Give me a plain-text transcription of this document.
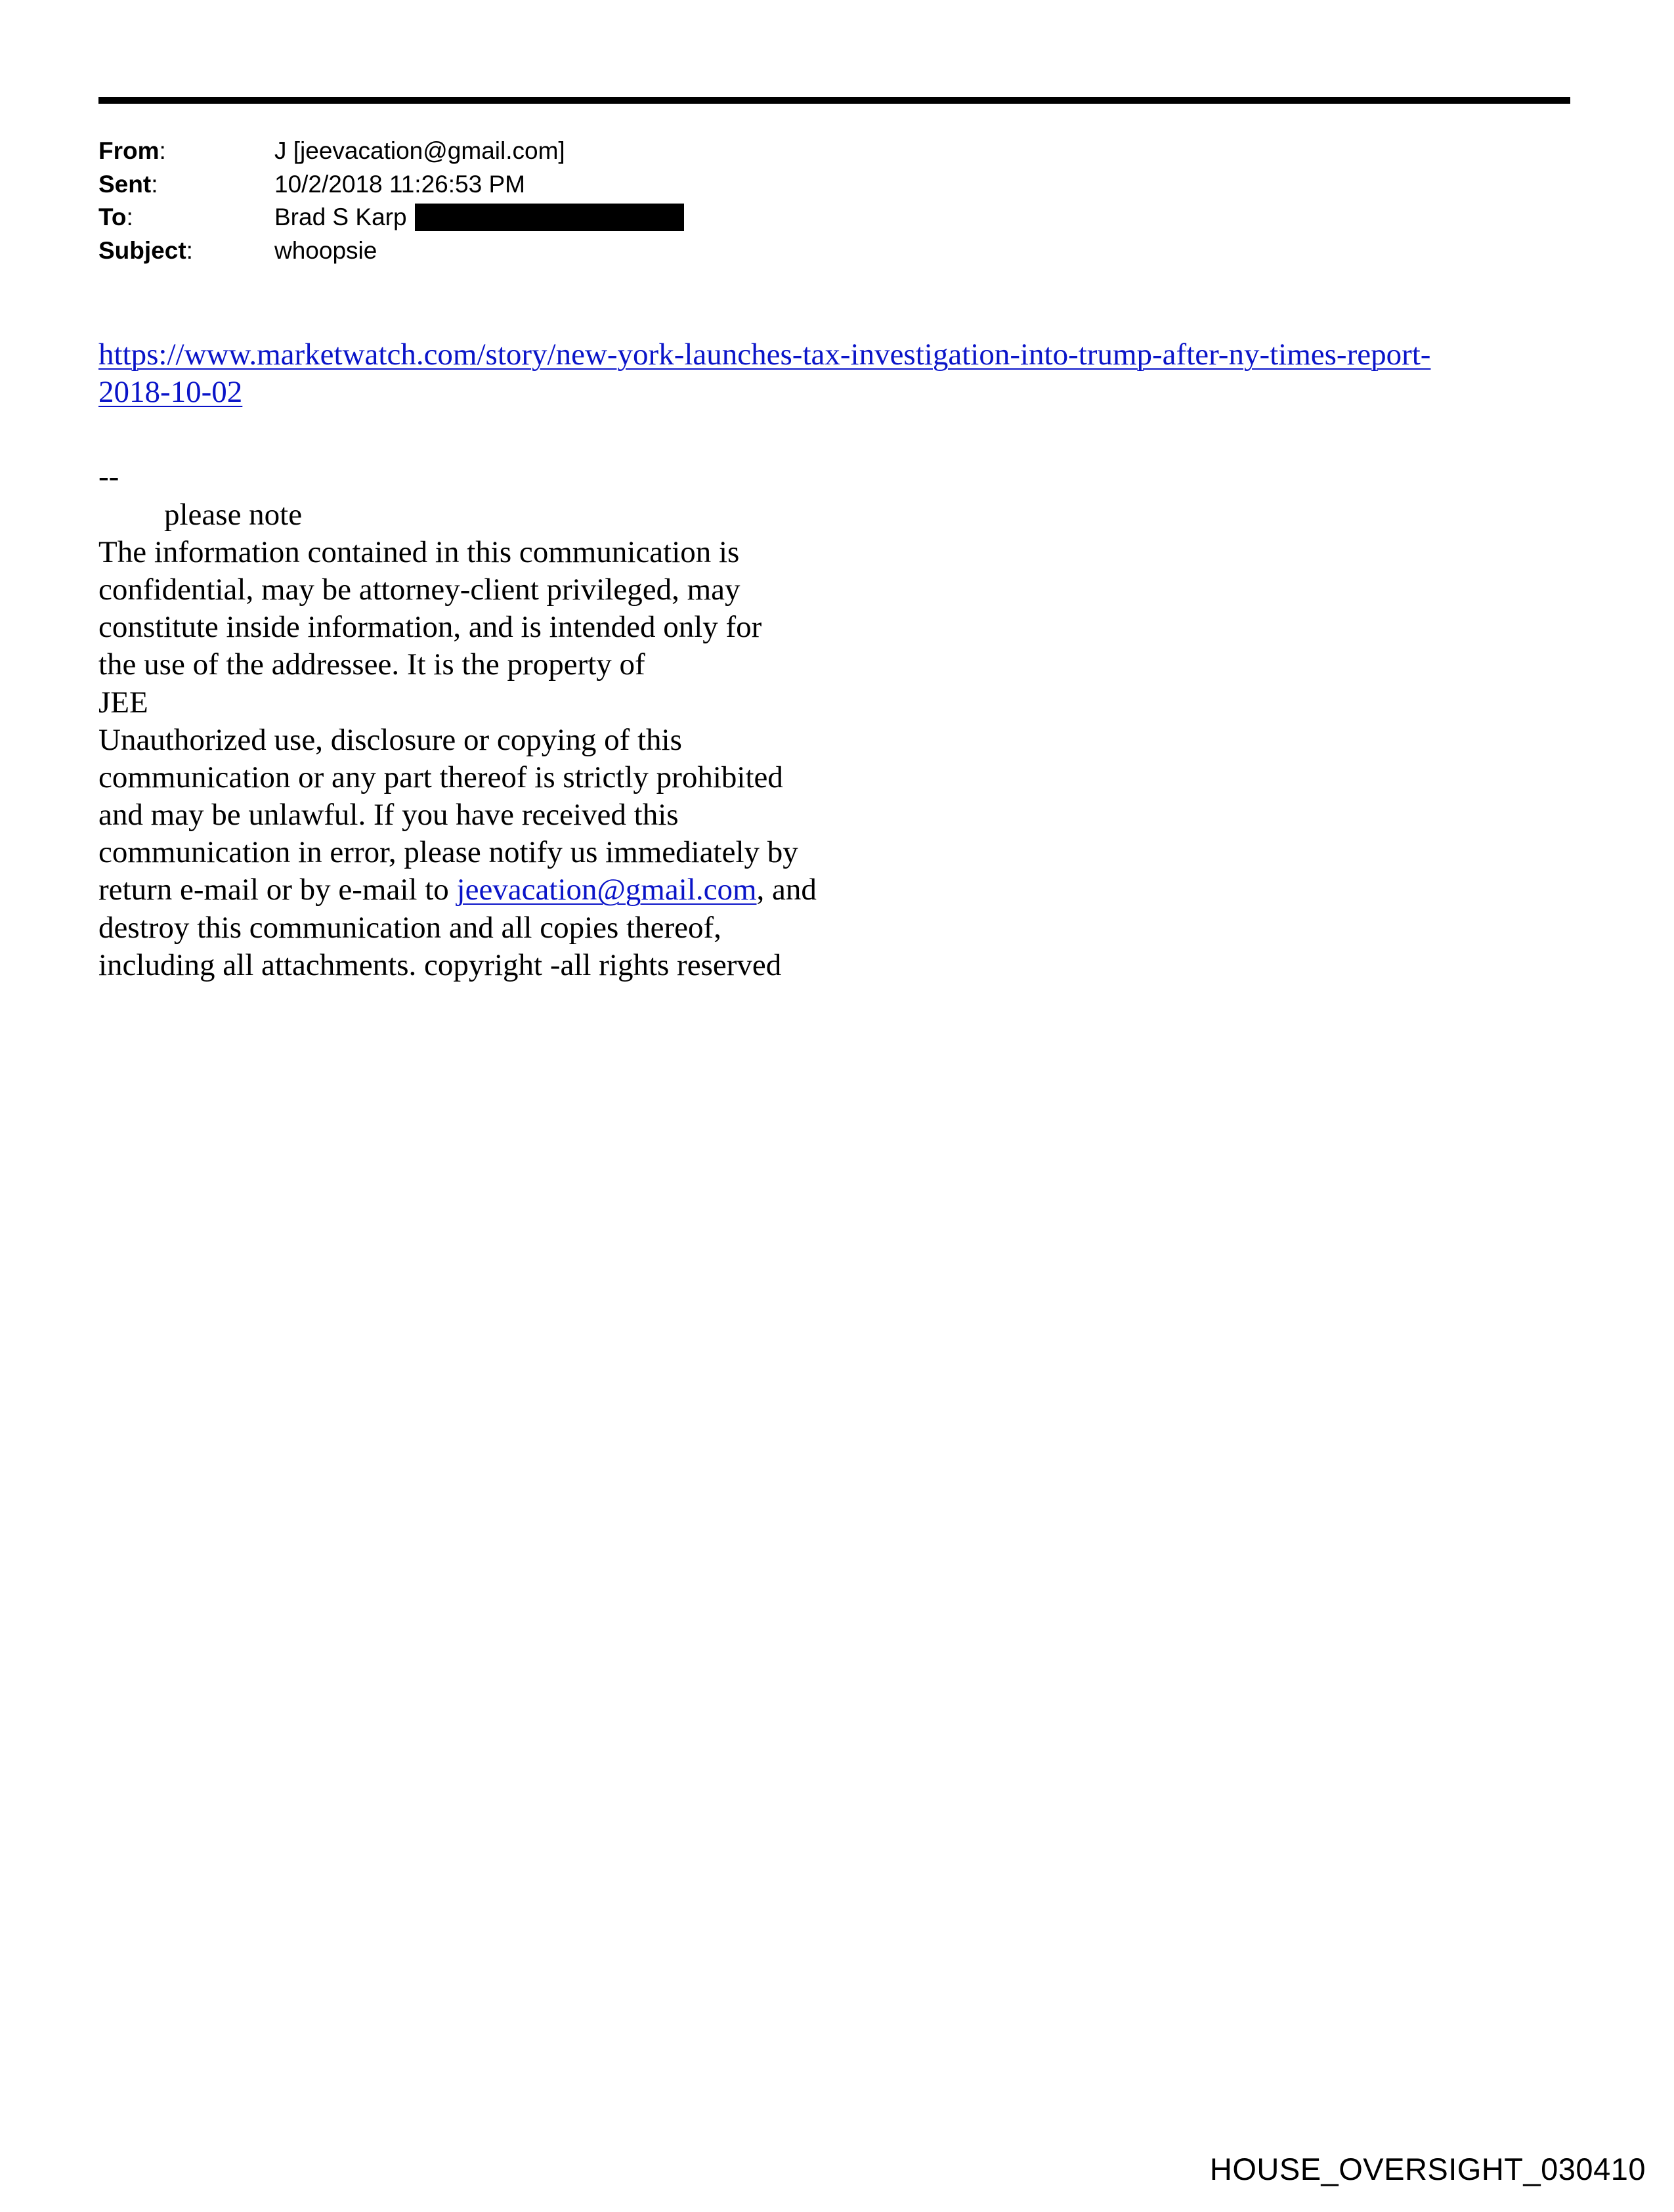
From:	J [jeevacation@gmail.com]
Sent:	10/2/2018 11:26:53 PM
To:	Brad S Karp
Subject:	whoopsie
https://www.marketwatch.com/story/new-york-launches-tax-investigation-into-trump-after-ny-times-report-
2018-10-02
--
please note
The information contained in this communication is
confidential, may be attorney-client privileged, may
constitute inside information, and is intended only for
the use of the addressee. It is the property of
JEE
Unauthorized use, disclosure or copying of this
communication or any part thereof is strictly prohibited
and may be unlawful. If you have received this
communication in error, please notify us immediately by
return e-mail or by e-mail to jeevacation@gmail.com, and
destroy this communication and all copies thereof,
including all attachments. copyright -all rights reserved
HOUSE_OVERSIGHT_030410
